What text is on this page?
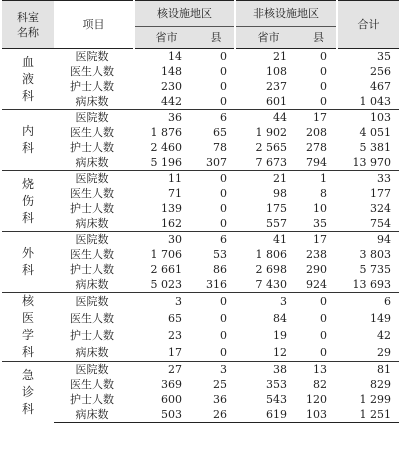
科室
名称	项目	核设施地区		非核设施地区		合计
		省市	县	省市	县	

血
液
科	医院数	14	0	21	0	35
	医生人数	148	0	108	0	256
	护士人数	230	0	237	0	467
	病床数	442	0	601	0	1 043

内
科	医院数	36	6	44	17	103
	医生人数	1 876	65	1 902	208	4 051
	护士人数	2 460	78	2 565	278	5 381
	病床数	5 196	307	7 673	794	13 970

烧
伤
科	医院数	11	0	21	1	33
	医生人数	71	0	98	8	177
	护士人数	139	0	175	10	324
	病床数	162	0	557	35	754

外
科	医院数	30	6	41	17	94
	医生人数	1 706	53	1 806	238	3 803
	护士人数	2 661	86	2 698	290	5 735
	病床数	5 023	316	7 430	924	13 693

核
医
学
科	医院数	3	0	3	0	6
	医生人数	65	0	84	0	149
	护士人数	23	0	19	0	42
	病床数	17	0	12	0	29

急
诊
科	医院数	27	3	38	13	81
	医生人数	369	25	353	82	829
	护士人数	600	36	543	120	1 299
	病床数	503	26	619	103	1 251
